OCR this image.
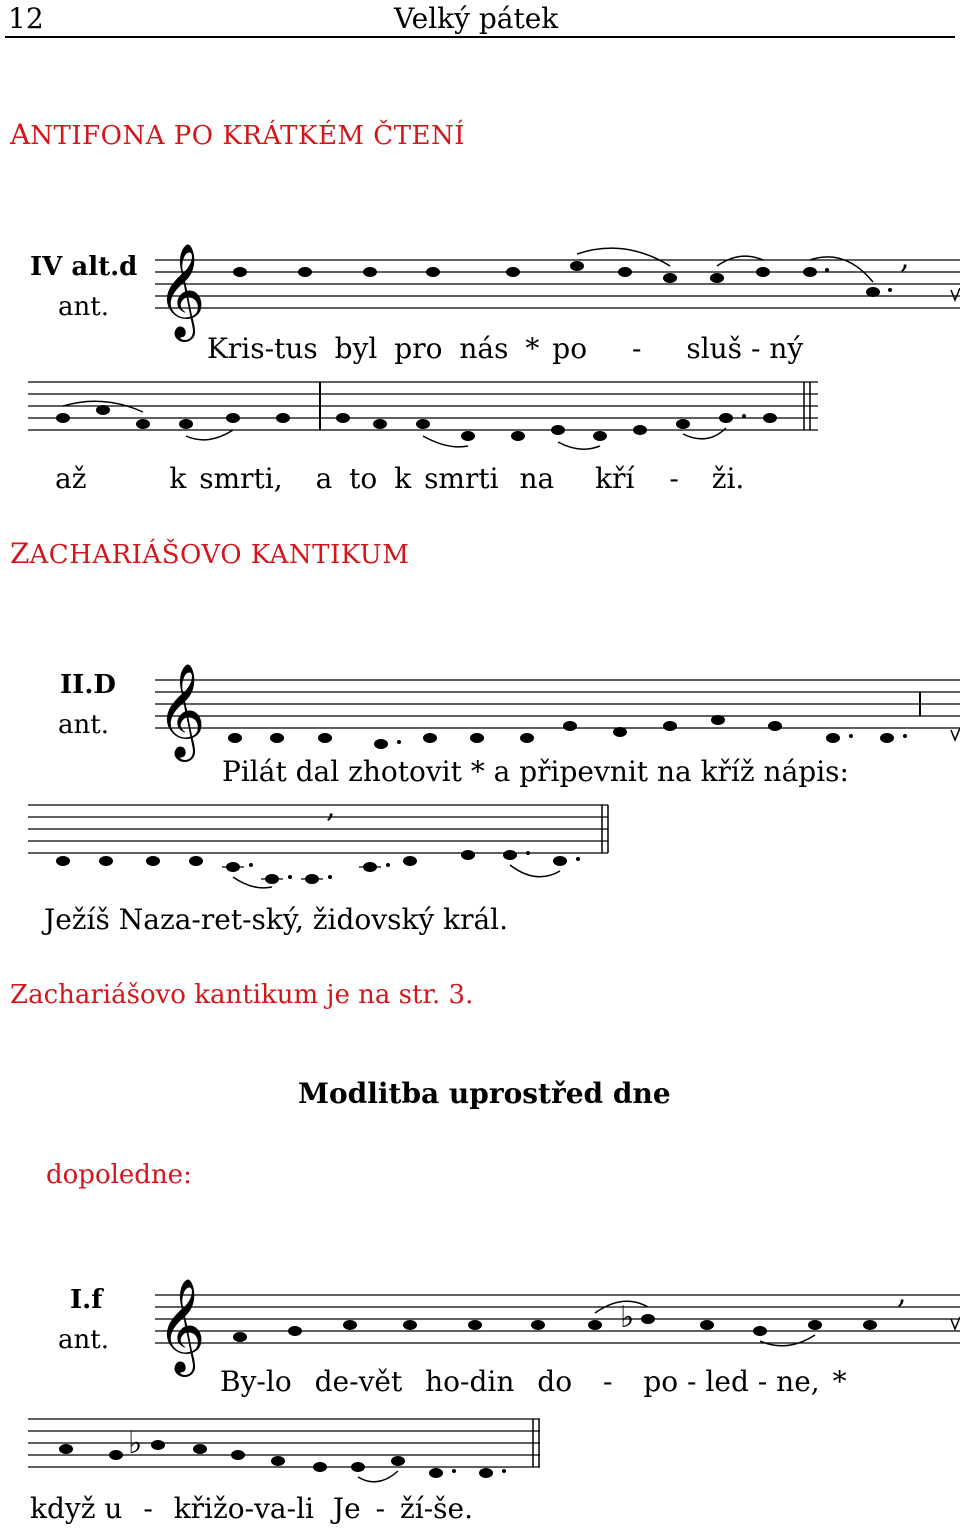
12	Velký pátek
ANTIFONA PO KRÁTKÉM ČTENÍ
IV alt.d
ant. 𝄞	,
Kris-tus byl pro nás * po - sluš - ný
až	k smrti, a to k smrti na kří - ži.
ZACHARIÁŠOVO KANTIKUM
II.D
ant. 𝄞
Pilát dal zhotovit * a připevnit na kříž nápis:
,
Ježíš Naza-ret-ský, židovský král.
Zachariášovo kantikum je na str. 3.
Modlitba uprostřed dne
dopoledne:
I.f
ant. 𝄞	♭
,
By-lo de-vět ho-din do - po - led - ne, *
♭
když u - křižo-va-li Je - ží-še.
